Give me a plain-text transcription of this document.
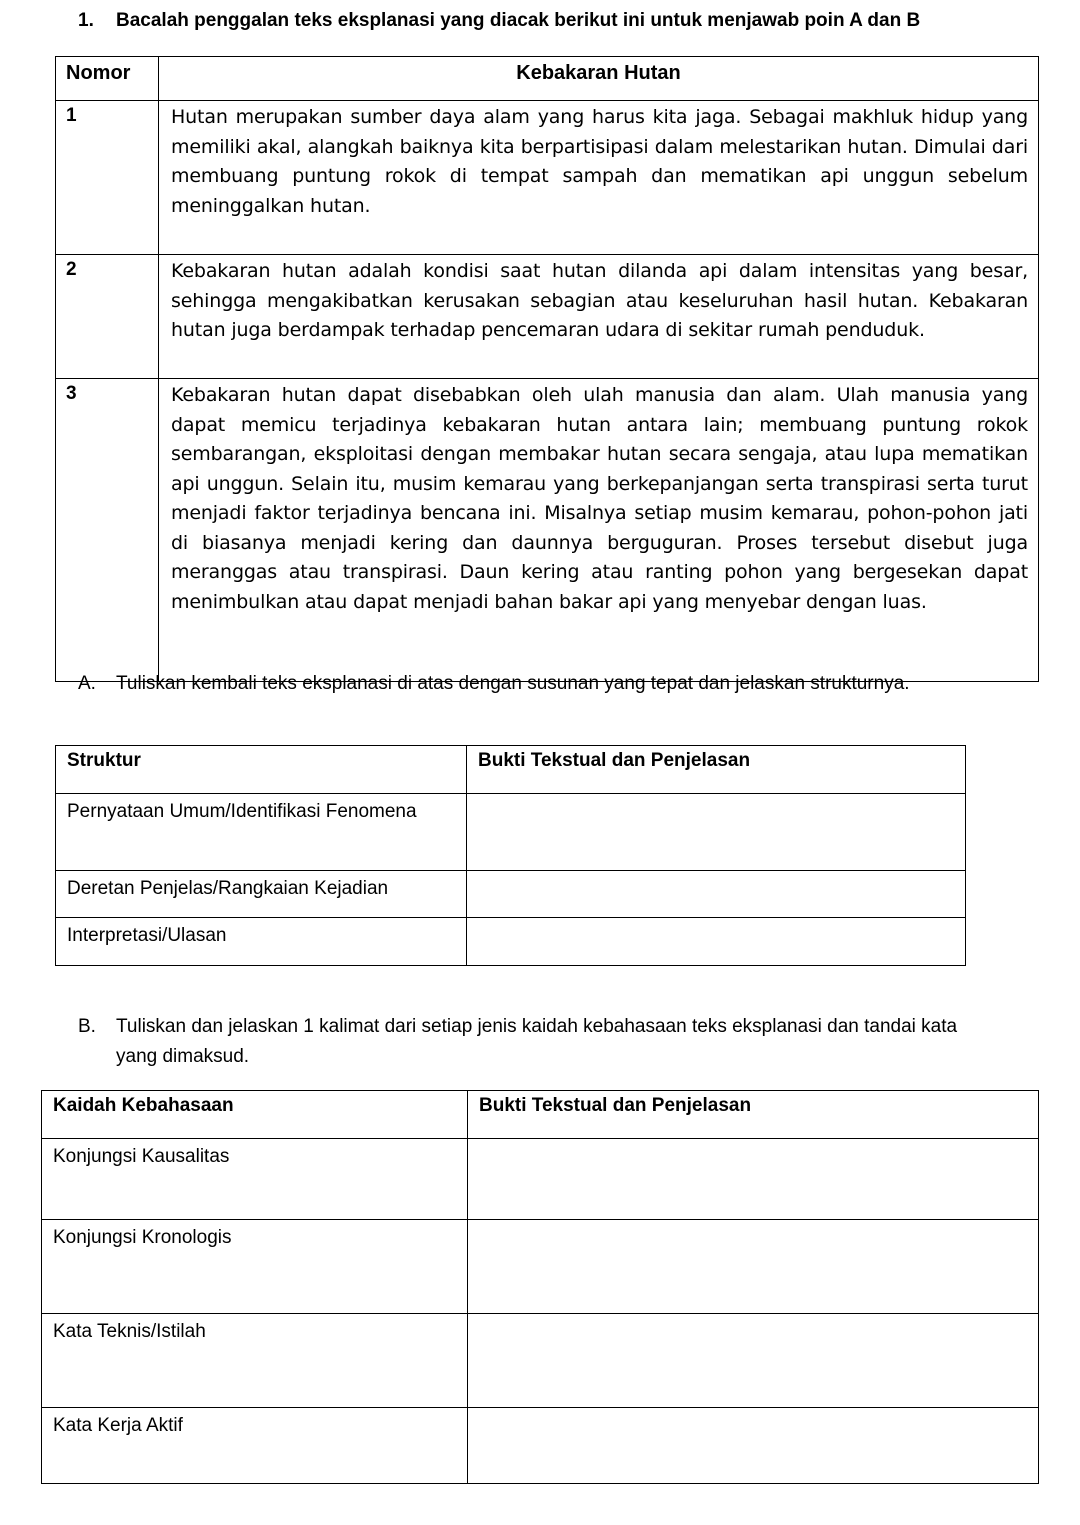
1. Bacalah penggalan teks eksplanasi yang diacak berikut ini untuk menjawab poin A dan B
Nomor	Kebakaran Hutan
1	Hutan merupakan sumber daya alam yang harus kita jaga. Sebagai makhluk hidup yang memiliki akal, alangkah baiknya kita berpartisipasi dalam melestarikan hutan. Dimulai dari membuang puntung rokok di tempat sampah dan mematikan api unggun sebelum meninggalkan hutan.
2	Kebakaran hutan adalah kondisi saat hutan dilanda api dalam intensitas yang besar, sehingga mengakibatkan kerusakan sebagian atau keseluruhan hasil hutan. Kebakaran hutan juga berdampak terhadap pencemaran udara di sekitar rumah penduduk.
3	Kebakaran hutan dapat disebabkan oleh ulah manusia dan alam. Ulah manusia yang dapat memicu terjadinya kebakaran hutan antara lain; membuang puntung rokok sembarangan, eksploitasi dengan membakar hutan secara sengaja, atau lupa mematikan api unggun. Selain itu, musim kemarau yang berkepanjangan serta transpirasi serta turut menjadi faktor terjadinya bencana ini. Misalnya setiap musim kemarau, pohon-pohon jati di biasanya menjadi kering dan daunnya berguguran. Proses tersebut disebut juga meranggas atau transpirasi. Daun kering atau ranting pohon yang bergesekan dapat menimbulkan atau dapat menjadi bahan bakar api yang menyebar dengan luas.
A. Tuliskan kembali teks eksplanasi di atas dengan susunan yang tepat dan jelaskan strukturnya.
Struktur	Bukti Tekstual dan Penjelasan
Pernyataan Umum/Identifikasi Fenomena	
Deretan Penjelas/Rangkaian Kejadian	
Interpretasi/Ulasan	
B. Tuliskan dan jelaskan 1 kalimat dari setiap jenis kaidah kebahasaan teks eksplanasi dan tandai kata yang dimaksud.
Kaidah Kebahasaan	Bukti Tekstual dan Penjelasan
Konjungsi Kausalitas	
Konjungsi Kronologis	
Kata Teknis/Istilah	
Kata Kerja Aktif	
